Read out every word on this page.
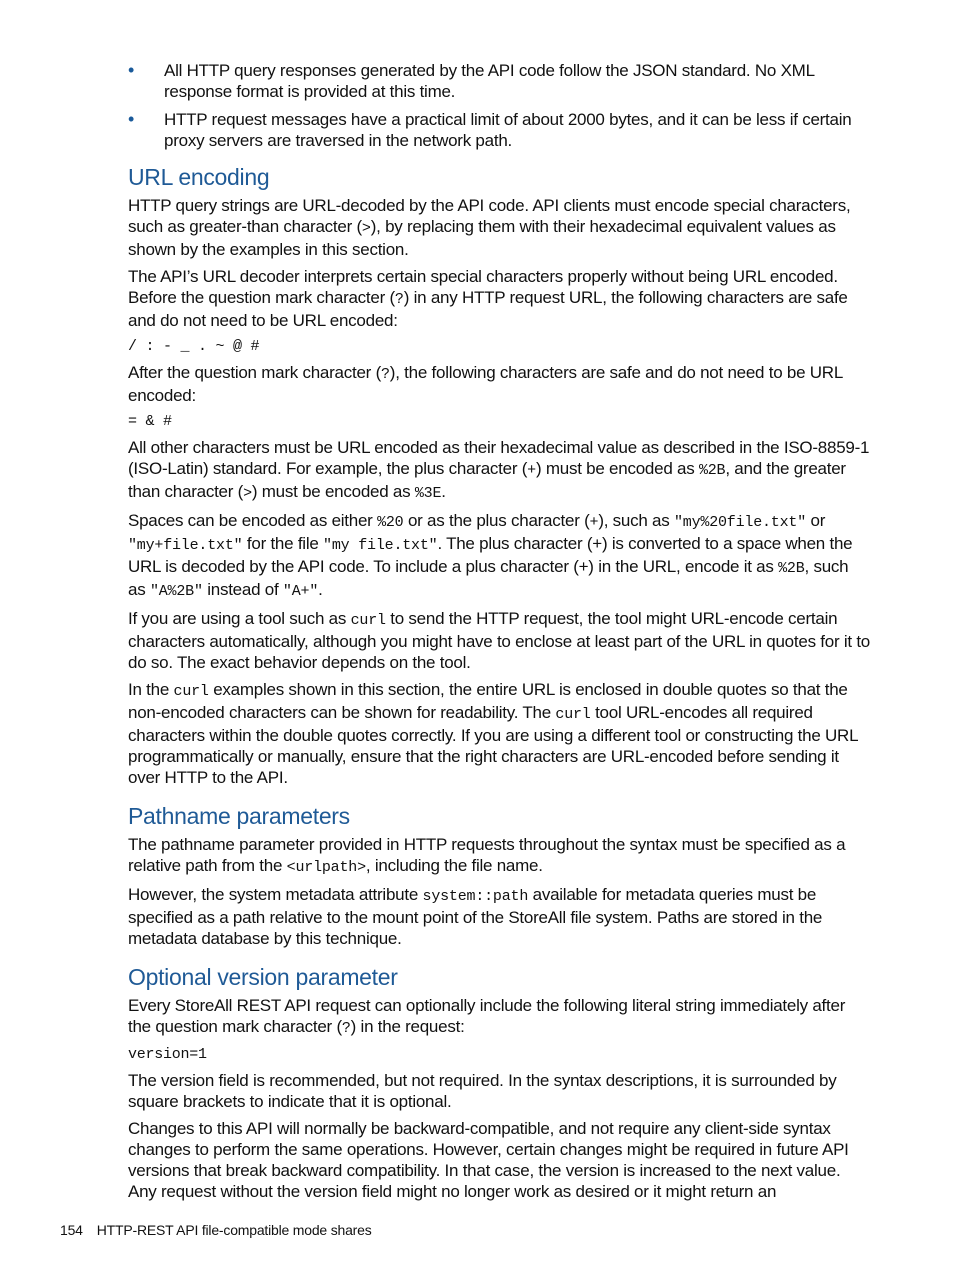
• All HTTP query responses generated by the API code follow the JSON standard. No XML response format is provided at this time.
• HTTP request messages have a practical limit of about 2000 bytes, and it can be less if certain proxy servers are traversed in the network path.
URL encoding

HTTP query strings are URL-decoded by the API code. API clients must encode special characters, such as greater-than character (>), by replacing them with their hexadecimal equivalent values as shown by the examples in this section.

The API’s URL decoder interprets certain special characters properly without being URL encoded. Before the question mark character (?) in any HTTP request URL, the following characters are safe and do not need to be URL encoded:

/ : - _ . ~ @ #

After the question mark character (?), the following characters are safe and do not need to be URL encoded:

= & #

All other characters must be URL encoded as their hexadecimal value as described in the ISO-8859-1 (ISO-Latin) standard. For example, the plus character (+) must be encoded as %2B, and the greater than character (>) must be encoded as %3E.

Spaces can be encoded as either %20 or as the plus character (+), such as "my%20file.txt" or "my+file.txt" for the file "my file.txt". The plus character (+) is converted to a space when the URL is decoded by the API code. To include a plus character (+) in the URL, encode it as %2B, such as "A%2B" instead of "A+".

If you are using a tool such as curl to send the HTTP request, the tool might URL-encode certain characters automatically, although you might have to enclose at least part of the URL in quotes for it to do so. The exact behavior depends on the tool.

In the curl examples shown in this section, the entire URL is enclosed in double quotes so that the non-encoded characters can be shown for readability. The curl tool URL-encodes all required characters within the double quotes correctly. If you are using a different tool or constructing the URL programmatically or manually, ensure that the right characters are URL-encoded before sending it over HTTP to the API.

Pathname parameters

The pathname parameter provided in HTTP requests throughout the syntax must be specified as a relative path from the <urlpath>, including the file name.

However, the system metadata attribute system::path available for metadata queries must be specified as a path relative to the mount point of the StoreAll file system. Paths are stored in the metadata database by this technique.

Optional version parameter

Every StoreAll REST API request can optionally include the following literal string immediately after the question mark character (?) in the request:

version=1

The version field is recommended, but not required. In the syntax descriptions, it is surrounded by square brackets to indicate that it is optional.

Changes to this API will normally be backward-compatible, and not require any client-side syntax changes to perform the same operations. However, certain changes might be required in future API versions that break backward compatibility. In that case, the version is increased to the next value. Any request without the version field might no longer work as desired or it might return an

154 HTTP-REST API file-compatible mode shares
